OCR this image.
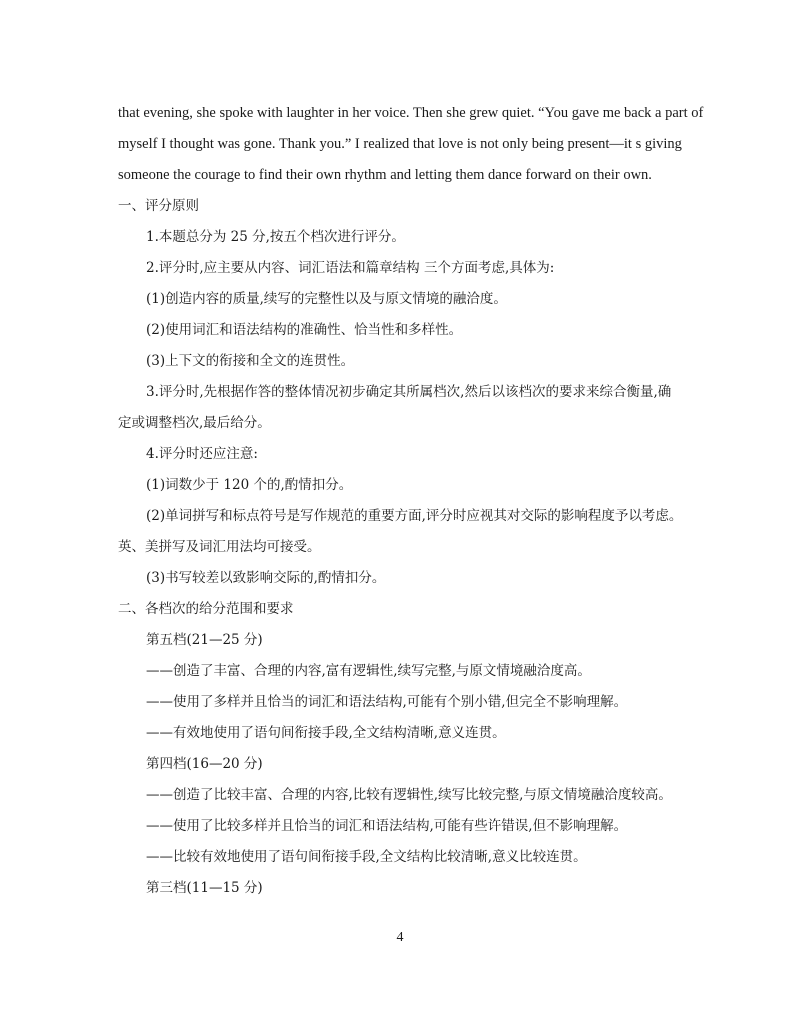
that evening, she spoke with laughter in her voice. Then she grew quiet. “You gave me back a part of
myself I thought was gone. Thank you.” I realized that love is not only being present—it s giving
someone the courage to find their own rhythm and letting them dance forward on their own.
一、评分原则
1.本题总分为 25 分,按五个档次进行评分。
2.评分时,应主要从内容、词汇语法和篇章结构 三个方面考虑,具体为:
(1)创造内容的质量,续写的完整性以及与原文情境的融洽度。
(2)使用词汇和语法结构的准确性、恰当性和多样性。
(3)上下文的衔接和全文的连贯性。
3.评分时,先根据作答的整体情况初步确定其所属档次,然后以该档次的要求来综合衡量,确
定或调整档次,最后给分。
4.评分时还应注意:
(1)词数少于 120 个的,酌情扣分。
(2)单词拼写和标点符号是写作规范的重要方面,评分时应视其对交际的影响程度予以考虑。
英、美拼写及词汇用法均可接受。
(3)书写较差以致影响交际的,酌情扣分。
二、各档次的给分范围和要求
第五档(21—25 分)
——创造了丰富、合理的内容,富有逻辑性,续写完整,与原文情境融洽度高。
——使用了多样并且恰当的词汇和语法结构,可能有个别小错,但完全不影响理解。
——有效地使用了语句间衔接手段,全文结构清晰,意义连贯。
第四档(16—20 分)
——创造了比较丰富、合理的内容,比较有逻辑性,续写比较完整,与原文情境融洽度较高。
——使用了比较多样并且恰当的词汇和语法结构,可能有些许错误,但不影响理解。
——比较有效地使用了语句间衔接手段,全文结构比较清晰,意义比较连贯。
第三档(11—15 分)
4
